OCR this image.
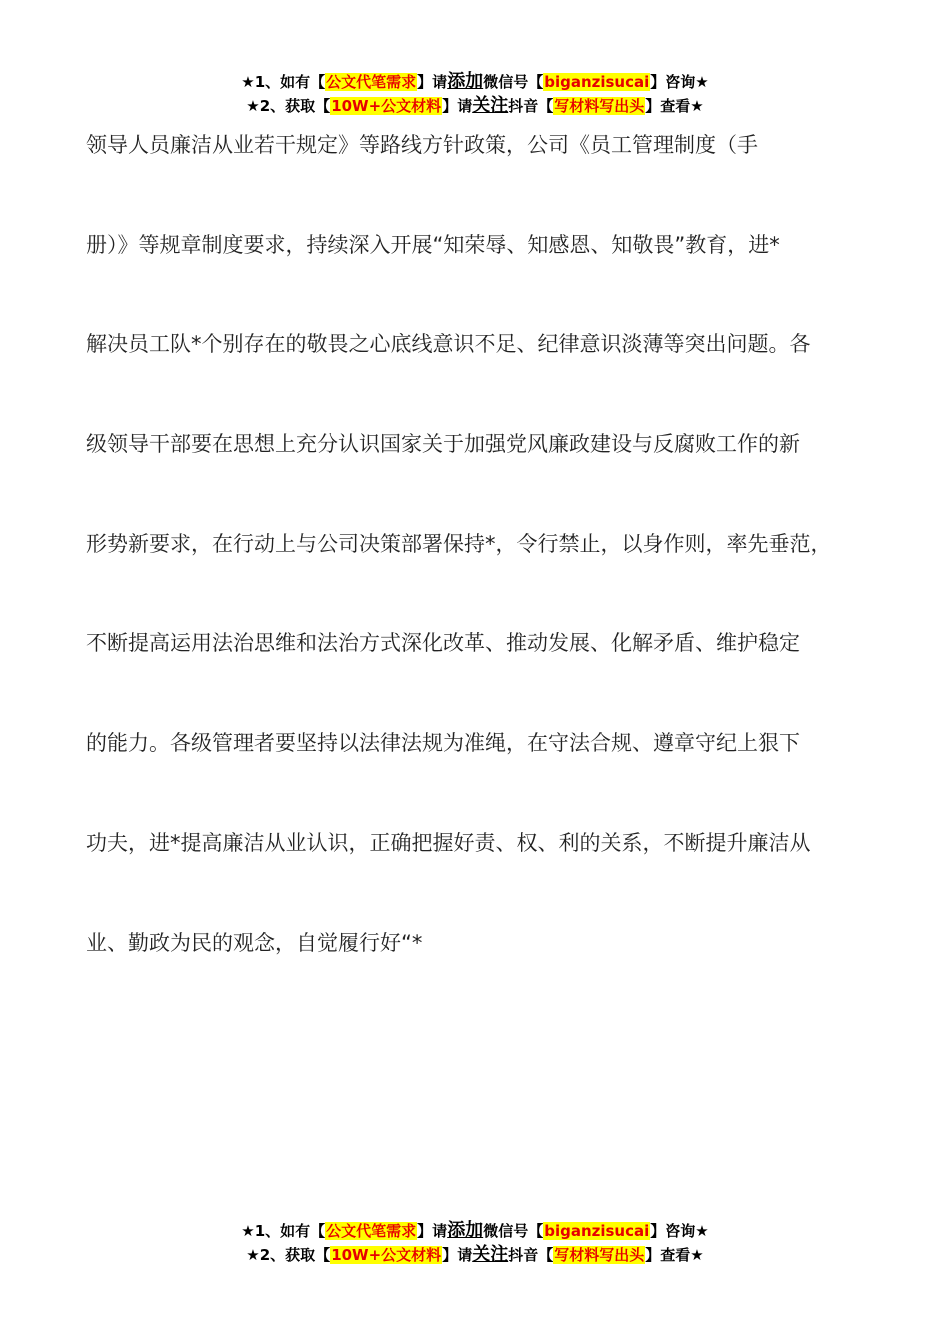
★1、如有【公文代笔需求】请添加微信号【biganzisucai】咨询★
★2、获取【10W+公文材料】请关注抖音【写材料写出头】查看★
领导人员廉洁从业若干规定》等路线方针政策，公司《员工管理制度（手
册）》等规章制度要求，持续深入开展“知荣辱、知感恩、知敬畏”教育，进*
解决员工队*个别存在的敬畏之心底线意识不足、纪律意识淡薄等突出问题。各
级领导干部要在思想上充分认识国家关于加强党风廉政建设与反腐败工作的新
形势新要求，在行动上与公司决策部署保持*，令行禁止，以身作则，率先垂范，
不断提高运用法治思维和法治方式深化改革、推动发展、化解矛盾、维护稳定
的能力。各级管理者要坚持以法律法规为准绳，在守法合规、遵章守纪上狠下
功夫，进*提高廉洁从业认识，正确把握好责、权、利的关系，不断提升廉洁从
业、勤政为民的观念，自觉履行好“*
★1、如有【公文代笔需求】请添加微信号【biganzisucai】咨询★
★2、获取【10W+公文材料】请关注抖音【写材料写出头】查看★
